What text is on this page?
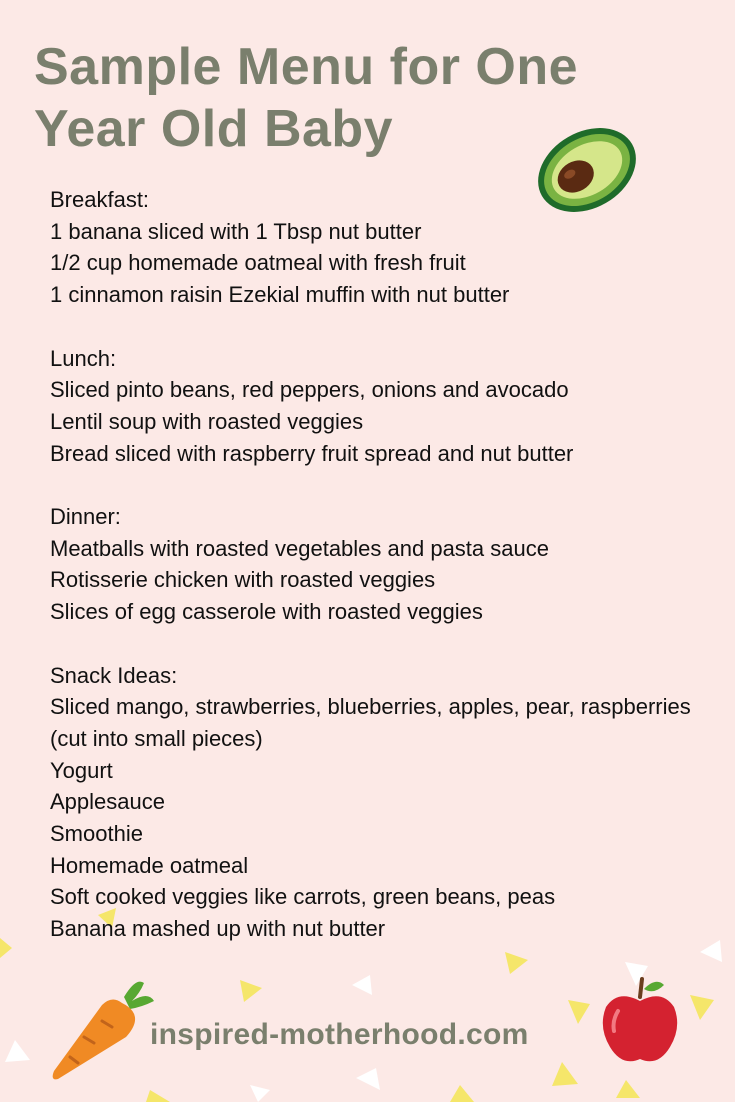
Sample Menu for One Year Old Baby
Breakfast:
1 banana sliced with 1 Tbsp nut butter
1/2 cup homemade oatmeal with fresh fruit
1 cinnamon raisin Ezekial muffin with nut butter
Lunch:
Sliced pinto beans, red peppers, onions and avocado
Lentil soup with roasted veggies
Bread sliced with raspberry fruit spread and nut butter
Dinner:
Meatballs with roasted vegetables and pasta sauce
Rotisserie chicken with roasted veggies
Slices of egg casserole with roasted veggies
Snack Ideas:
Sliced mango, strawberries, blueberries, apples, pear, raspberries (cut into small pieces)
Yogurt
Applesauce
Smoothie
Homemade oatmeal
Soft cooked veggies like carrots, green beans, peas
Banana mashed up with nut butter
inspired-motherhood.com
